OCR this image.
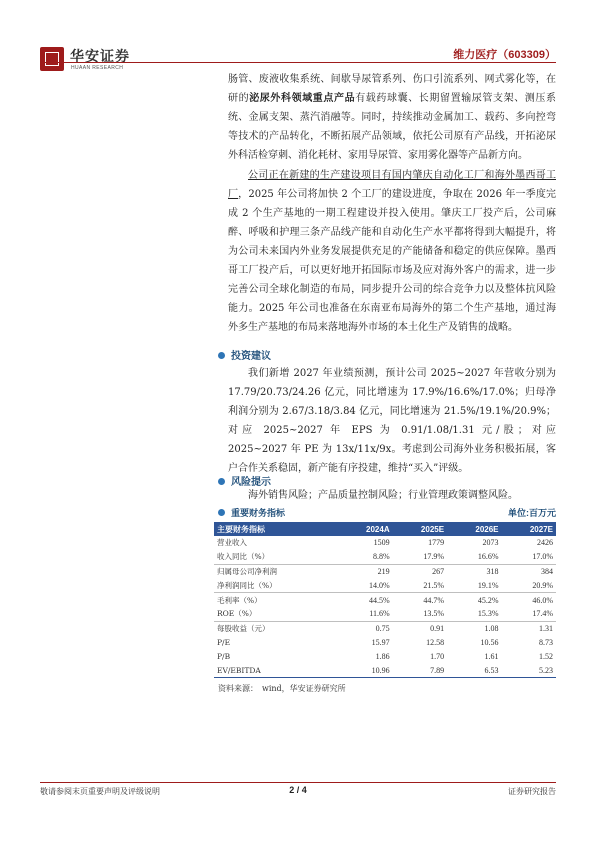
华安证券
HUAAN RESEARCH
维力医疗（603309）

肠管、废液收集系统、间歇导尿管系列、伤口引流系列、网式雾化等，在研的泌尿外科领域重点产品有载药球囊、长期留置输尿管支架、测压系统、金属支架、蒸汽消融等。同时，持续推动金属加工、载药、多向控弯等技术的产品转化，不断拓展产品领域，依托公司原有产品线，开拓泌尿外科活检穿刺、消化耗材、家用导尿管、家用雾化器等产品新方向。

公司正在新建的生产建设项目有国内肇庆自动化工厂和海外墨西哥工厂，2025 年公司将加快 2 个工厂的建设进度，争取在 2026 年一季度完成 2 个生产基地的一期工程建设并投入使用。肇庆工厂投产后，公司麻醉、呼吸和护理三条产品线产能和自动化生产水平都将得到大幅提升，将为公司未来国内外业务发展提供充足的产能储备和稳定的供应保障。墨西哥工厂投产后，可以更好地开拓国际市场及应对海外客户的需求，进一步完善公司全球化制造的布局，同步提升公司的综合竞争力以及整体抗风险能力。2025 年公司也准备在东南亚布局海外的第二个生产基地，通过海外多生产基地的布局来落地海外市场的本土化生产及销售的战略。

投资建议

我们新增 2027 年业绩预测，预计公司 2025~2027 年营收分别为 17.79/20.73/24.26 亿元，同比增速为 17.9%/16.6%/17.0%；归母净利润分别为 2.67/3.18/3.84 亿元，同比增速为 21.5%/19.1%/20.9%；对应 2025~2027 年 EPS 为 0.91/1.08/1.31 元/股；对应 2025~2027 年 PE 为 13x/11x/9x。考虑到公司海外业务积极拓展，客户合作关系稳固，新产能有序投建，维持“买入”评级。

风险提示

海外销售风险；产品质量控制风险；行业管理政策调整风险。

重要财务指标	单位:百万元
主要财务指标	2024A	2025E	2026E	2027E
营业收入	1509	1779	2073	2426
收入同比（%）	8.8%	17.9%	16.6%	17.0%
归属母公司净利润	219	267	318	384
净利润同比（%）	14.0%	21.5%	19.1%	20.9%
毛利率（%）	44.5%	44.7%	45.2%	46.0%
ROE（%）	11.6%	13.5%	15.3%	17.4%
每股收益（元）	0.75	0.91	1.08	1.31
P/E	15.97	12.58	10.56	8.73
P/B	1.86	1.70	1.61	1.52
EV/EBITDA	10.96	7.89	6.53	5.23
资料来源：　wind，华安证券研究所
敬请参阅末页重要声明及评级说明	2 / 4	证券研究报告
